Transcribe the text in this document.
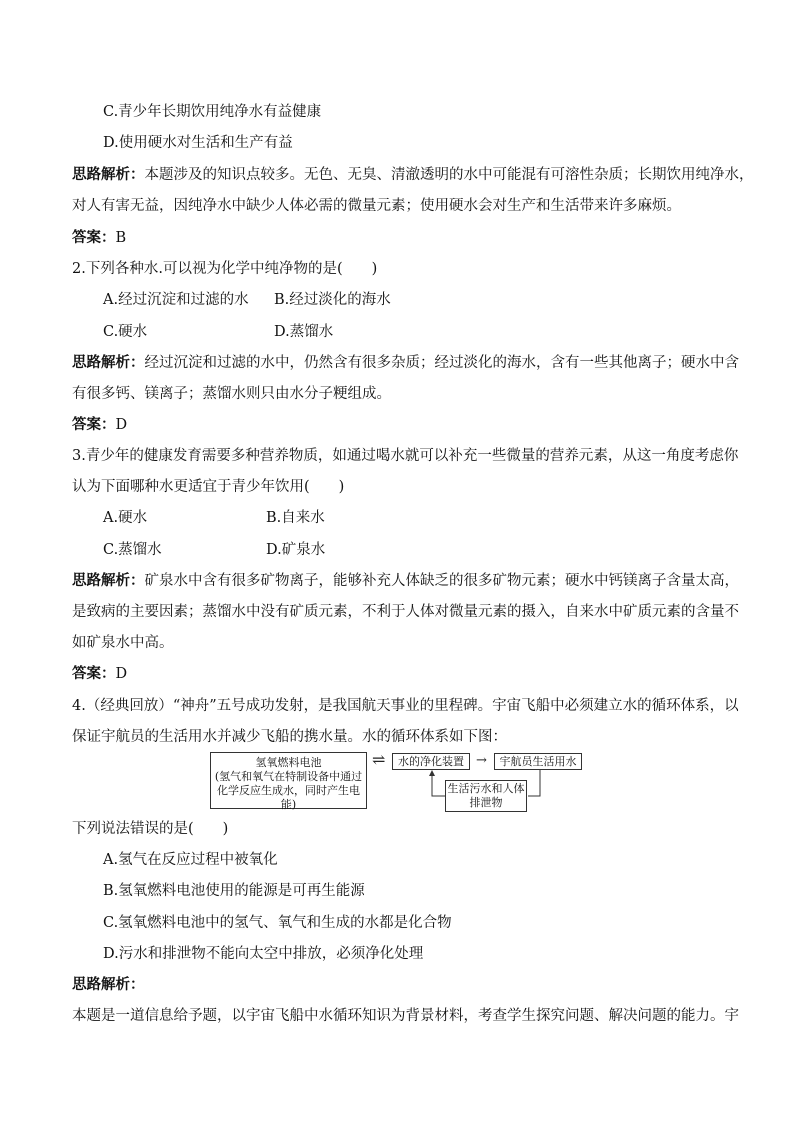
C.青少年长期饮用纯净水有益健康
D.使用硬水对生活和生产有益
思路解析：本题涉及的知识点较多。无色、无臭、清澈透明的水中可能混有可溶性杂质；长期饮用纯净水，
对人有害无益，因纯净水中缺少人体必需的微量元素；使用硬水会对生产和生活带来许多麻烦。
答案：B
2.下列各种水.可以视为化学中纯净物的是(　　)
A.经过沉淀和过滤的水 B.经过淡化的海水
C.硬水	D.蒸馏水
思路解析：经过沉淀和过滤的水中，仍然含有很多杂质；经过淡化的海水，含有一些其他离子；硬水中含
有很多钙、镁离子；蒸馏水则只由水分子粳组成。
答案：D
3.青少年的健康发育需要多种营养物质，如通过喝水就可以补充一些微量的营养元素，从这一角度考虑你
认为下面哪种水更适宜于青少年饮用(　　)
A.硬水	B.自来水
C.蒸馏水	D.矿泉水
思路解析：矿泉水中含有很多矿物离子，能够补充人体缺乏的很多矿物元素；硬水中钙镁离子含量太高，
是致病的主要因素；蒸馏水中没有矿质元素，不利于人体对微量元素的摄入，自来水中矿质元素的含量不
如矿泉水中高。
答案：D
4.（经典回放）“神舟”五号成功发射，是我国航天事业的里程碑。宇宙飞船中必须建立水的循环体系，以
保证宇航员的生活用水并减少飞船的携水量。水的循环体系如下图：
氢氧燃料电池
(氢气和氧气在特制设备中通过
化学反应生成水，同时产生电能)
⇌	水的净化装置 →	宇航员生活用水
生活污水和人体
排泄物
下列说法错误的是(　　)
A.氢气在反应过程中被氧化
B.氢氧燃料电池使用的能源是可再生能源
C.氢氧燃料电池中的氢气、氧气和生成的水都是化合物
D.污水和排泄物不能向太空中排放，必须净化处理
思路解析：
本题是一道信息给予题，以宇宙飞船中水循环知识为背景材料，考查学生探究问题、解决问题的能力。宇
